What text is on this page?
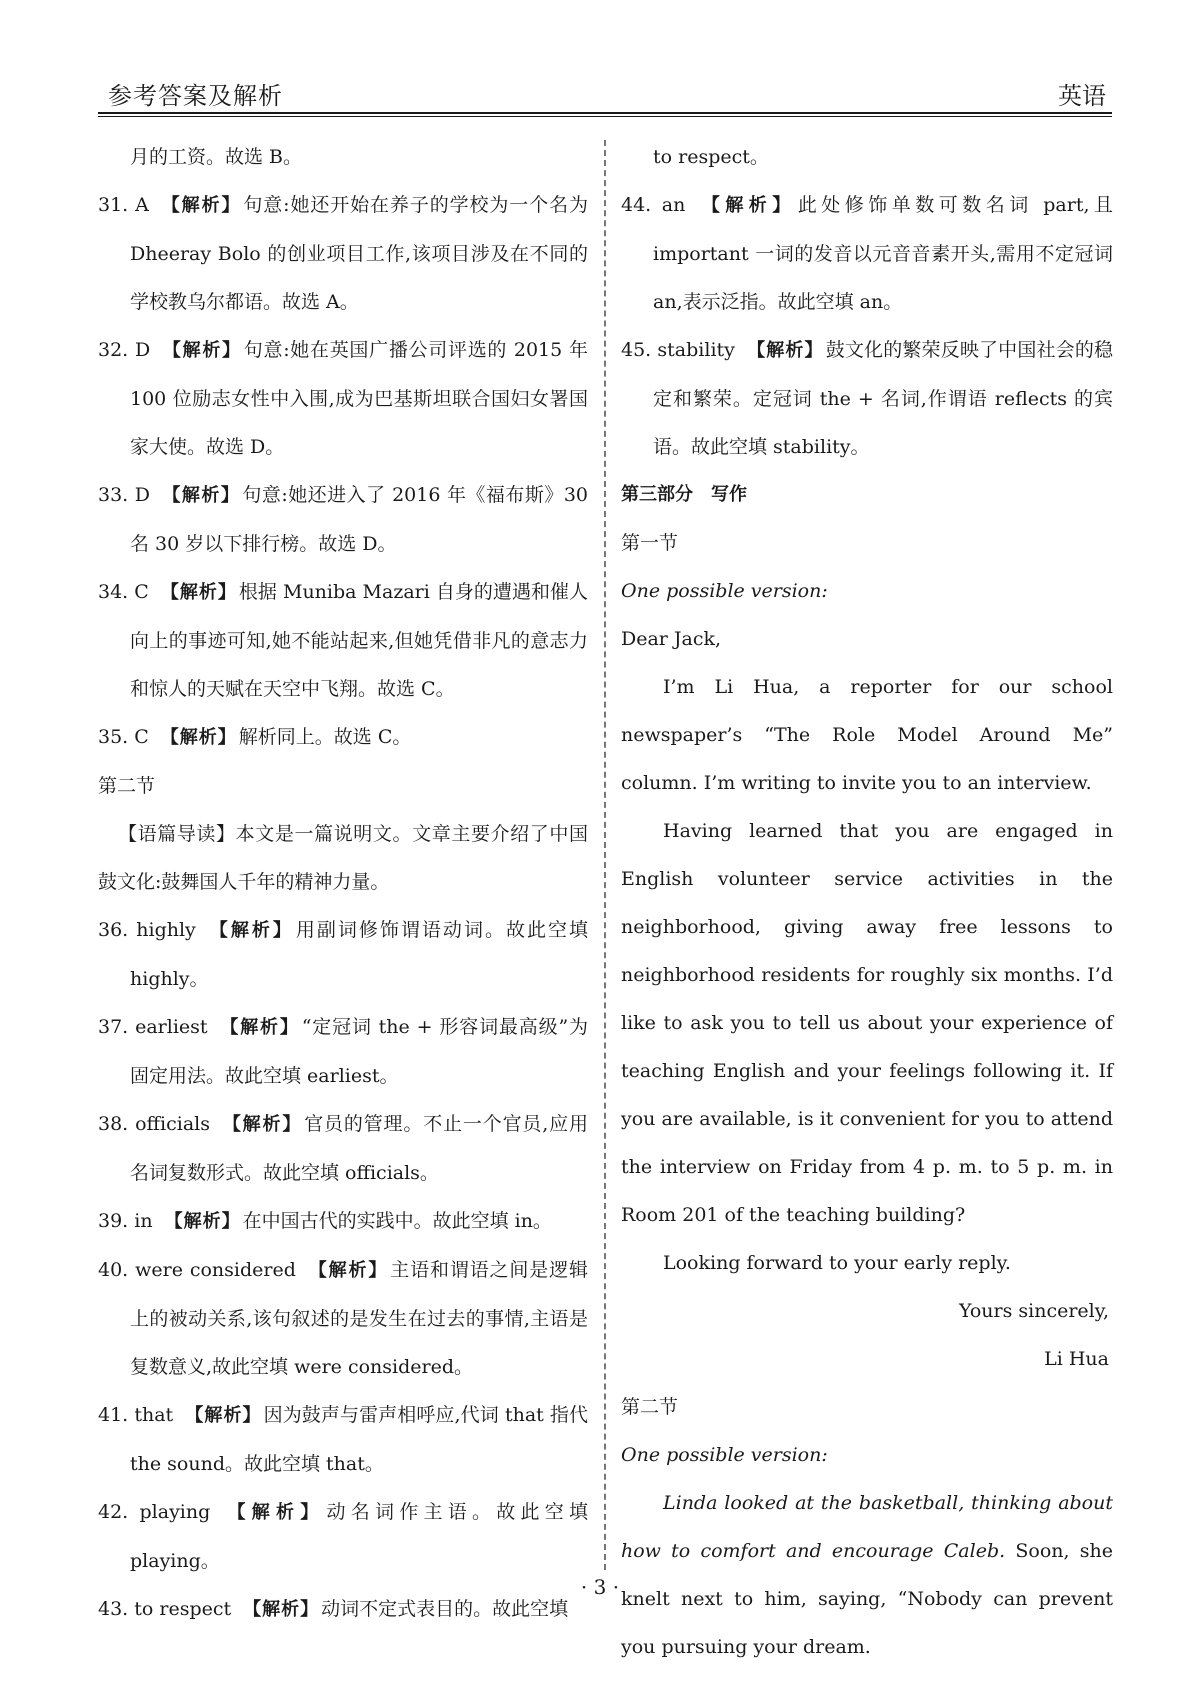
参考答案及解析	英语

月的工资。故选 B。

31. A 【解析】 句意:她还开始在养子的学校为一个名为 Dheeray Bolo 的创业项目工作,该项目涉及在不同的学校教乌尔都语。故选 A。

32. D 【解析】 句意:她在英国广播公司评选的 2015 年 100 位励志女性中入围,成为巴基斯坦联合国妇女署国家大使。故选 D。

33. D 【解析】 句意:她还进入了 2016 年《福布斯》30 名 30 岁以下排行榜。故选 D。

34. C 【解析】 根据 Muniba Mazari 自身的遭遇和催人向上的事迹可知,她不能站起来,但她凭借非凡的意志力和惊人的天赋在天空中飞翔。故选 C。

35. C 【解析】 解析同上。故选 C。

第二节

【语篇导读】本文是一篇说明文。文章主要介绍了中国鼓文化:鼓舞国人千年的精神力量。

36. highly 【解析】 用副词修饰谓语动词。故此空填 highly。

37. earliest 【解析】 “定冠词 the + 形容词最高级”为固定用法。故此空填 earliest。

38. officials 【解析】 官员的管理。不止一个官员,应用名词复数形式。故此空填 officials。

39. in 【解析】 在中国古代的实践中。故此空填 in。

40. were considered 【解析】 主语和谓语之间是逻辑上的被动关系,该句叙述的是发生在过去的事情,主语是复数意义,故此空填 were considered。

41. that 【解析】 因为鼓声与雷声相呼应,代词 that 指代 the sound。故此空填 that。

42. playing 【解析】 动名词作主语。故此空填 playing。

43. to respect 【解析】 动词不定式表目的。故此空填

to respect。

44. an 【解析】 此处修饰单数可数名词 part,且 important 一词的发音以元音音素开头,需用不定冠词 an,表示泛指。故此空填 an。

45. stability 【解析】 鼓文化的繁荣反映了中国社会的稳定和繁荣。定冠词 the + 名词,作谓语 reflects 的宾语。故此空填 stability。

第三部分　写作

第一节

One possible version:

Dear Jack,

I’m Li Hua, a reporter for our school newspaper’s “The Role Model Around Me” column. I’m writing to invite you to an interview.

Having learned that you are engaged in English volunteer service activities in the neighborhood, giving away free lessons to neighborhood residents for roughly six months. I’d like to ask you to tell us about your experience of teaching English and your feelings following it. If you are available, is it convenient for you to attend the interview on Friday from 4 p. m. to 5 p. m. in Room 201 of the teaching building?

Looking forward to your early reply.

Yours sincerely,

Li Hua

第二节

One possible version:

Linda looked at the basketball, thinking about how to comfort and encourage Caleb. Soon, she knelt next to him, saying, “Nobody can prevent you pursuing your dream.

· 3 ·
